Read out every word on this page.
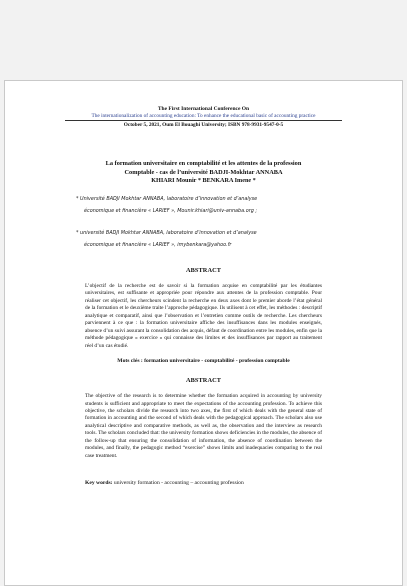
The First International Conference On
The internationalization of accounting education: To enhance the educational basic of accounting practice
October 5, 2021, Oum El Bouaghi University; ISBN 978-9931-9547-0-5
La formation universitaire en comptabilité et les attentes de la profession
Comptable - cas de l’université BADJI-Mokhtar ANNABA
KHIARI Mounir * BENKARA Imene *
* Université BADJI Mokhtar ANNABA, laboratoire d’innovation et d’analyse
économique et financière « LARIEF », Mounir.khiari@univ-annaba.org ;
* université BADJI Mokhtar ANNABA, laboratoire d’innovation et d’analyse
économique et financière « LARIEF », imybenkara@yahoo.fr
ABSTRACT
L’objectif de la recherche est de savoir si la formation acquise en comptabilité par les étudiantes universitaires, est suffisante et appropriée pour répondre aux attentes de la profession comptable. Pour réaliser cet objectif, les chercheurs scindent la recherche en deux axes dont le premier aborde l’état général de la formation et le deuxième traite l’approche pédagogique. Ils utilisent à cet effet, les méthodes : descriptif analytique et comparatif, ainsi que l’observation et l’entretien comme outils de recherche. Les chercheurs parviennent à ce que : la formation universitaire affiche des insuffisances dans les modules enseignés, absence d’un suivi assurant la consolidation des acquis, défaut de coordination entre les modules, enfin que la méthode pédagogique « exercice » qui connaisse des limites et des insuffisances par rapport au traitement réel d’un cas étudié.
Mots clés : formation universitaire - comptabilité - profession comptable
ABSTRACT
The objective of the research is to determine whether the formation acquired in accounting by university students is sufficient and appropriate to meet the expectations of the accounting profession. To achieve this objective, the scholars divide the research into two axes, the first of which deals with the general state of formation in accounting and the second of which deals with the pedagogical approach. The scholars also use analytical descriptive and comparative methods, as well as, the observation and the interview as research tools. The scholars concluded that: the university formation shows deficiencies in the modules, the absence of the follow-up that ensuring the consolidation of information, the absence of coordination between the modules, and finally, the pedagogic method “exercise” shows limits and inadequacies comparing to the real case treatment.
Key words: university formation - accounting – accounting profession
